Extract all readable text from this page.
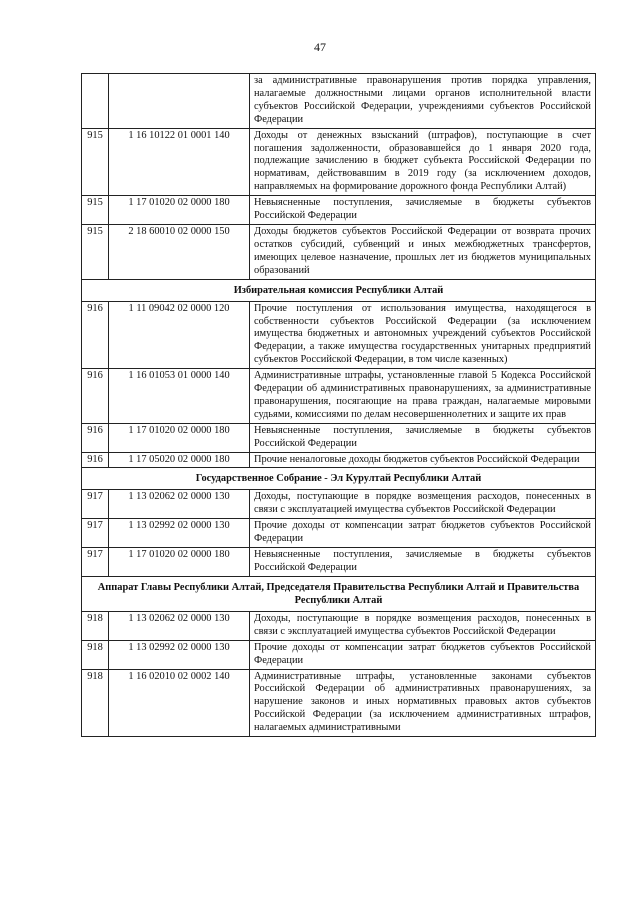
47
		за административные правонарушения против порядка управления, налагаемые должностными лицами органов исполнительной власти субъектов Российской Федерации, учреждениями субъектов Российской Федерации
915	1 16 10122 01 0001 140	Доходы от денежных взысканий (штрафов), поступающие в счет погашения задолженности, образовавшейся до 1 января 2020 года, подлежащие зачислению в бюджет субъекта Российской Федерации по нормативам, действовавшим в 2019 году (за исключением доходов, направляемых на формирование дорожного фонда Республики Алтай)
915	1 17 01020 02 0000 180	Невыясненные поступления, зачисляемые в бюджеты субъектов Российской Федерации
915	2 18 60010 02 0000 150	Доходы бюджетов субъектов Российской Федерации от возврата прочих остатков субсидий, субвенций и иных межбюджетных трансфертов, имеющих целевое назначение, прошлых лет из бюджетов муниципальных образований
Избирательная комиссия Республики Алтай		
916	1 11 09042 02 0000 120	Прочие поступления от использования имущества, находящегося в собственности субъектов Российской Федерации (за исключением имущества бюджетных и автономных учреждений субъектов Российской Федерации, а также имущества государственных унитарных предприятий субъектов Российской Федерации, в том числе казенных)
916	1 16 01053 01 0000 140	Административные штрафы, установленные главой 5 Кодекса Российской Федерации об административных правонарушениях, за административные правонарушения, посягающие на права граждан, налагаемые мировыми судьями, комиссиями по делам несовершеннолетних и защите их прав
916	1 17 01020 02 0000 180	Невыясненные поступления, зачисляемые в бюджеты субъектов Российской Федерации
916	1 17 05020 02 0000 180	Прочие неналоговые доходы бюджетов субъектов Российской Федерации
Государственное Собрание - Эл Курултай Республики Алтай		
917	1 13 02062 02 0000 130	Доходы, поступающие в порядке возмещения расходов, понесенных в связи с эксплуатацией имущества субъектов Российской Федерации
917	1 13 02992 02 0000 130	Прочие доходы от компенсации затрат бюджетов субъектов Российской Федерации
917	1 17 01020 02 0000 180	Невыясненные поступления, зачисляемые в бюджеты субъектов Российской Федерации
Аппарат Главы Республики Алтай, Председателя Правительства Республики Алтай и Правительства Республики Алтай		
918	1 13 02062 02 0000 130	Доходы, поступающие в порядке возмещения расходов, понесенных в связи с эксплуатацией имущества субъектов Российской Федерации
918	1 13 02992 02 0000 130	Прочие доходы от компенсации затрат бюджетов субъектов Российской Федерации
918	1 16 02010 02 0002 140	Административные штрафы, установленные законами субъектов Российской Федерации об административных правонарушениях, за нарушение законов и иных нормативных правовых актов субъектов Российской Федерации (за исключением административных штрафов, налагаемых административными
